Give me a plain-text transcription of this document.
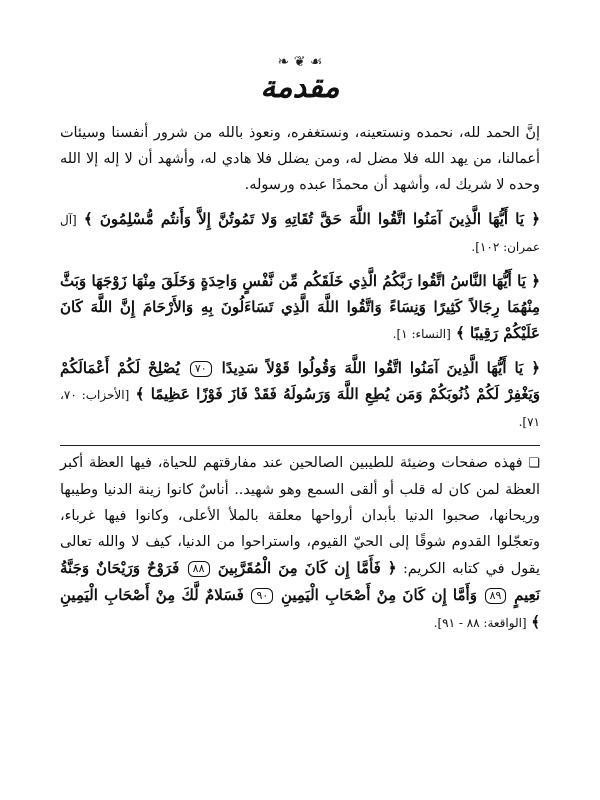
❧ ❦ ☙
مقدمة

إنَّ الحمد لله، نحمده ونستعينه، ونستغفره، ونعوذ بالله من شرور أنفسنا وسيئات أعمالنا، من يهد الله فلا مضل له، ومن يضلل فلا هادي له، وأشهد أن لا إله إلا الله وحده لا شريك له، وأشهد أن محمدًا عبده ورسوله.

﴿ يَا أَيُّهَا الَّذِينَ آمَنُوا اتَّقُوا اللَّهَ حَقَّ تُقَاتِهِ وَلا تَمُوتُنَّ إِلاَّ وَأَنتُم مُّسْلِمُونَ ﴾ [آل عمران: ١٠٢].

﴿ يَا أَيُّهَا النَّاسُ اتَّقُوا رَبَّكُمُ الَّذِي خَلَقَكُم مِّن نَّفْسٍ وَاحِدَةٍ وَخَلَقَ مِنْهَا زَوْجَهَا وَبَثَّ مِنْهُمَا رِجَالاً كَثِيرًا وَنِسَاءً وَاتَّقُوا اللَّهَ الَّذِي تَسَاءَلُونَ بِهِ وَالأَرْحَامَ إِنَّ اللَّهَ كَانَ عَلَيْكُمْ رَقِيبًا ﴾ [النساء: ١].

﴿ يَا أَيُّهَا الَّذِينَ آمَنُوا اتَّقُوا اللَّهَ وَقُولُوا قَوْلاً سَدِيدًا ٧٠ يُصْلِحْ لَكُمْ أَعْمَالَكُمْ وَيَغْفِرْ لَكُمْ ذُنُوبَكُمْ وَمَن يُطِعِ اللَّهَ وَرَسُولَهُ فَقَدْ فَازَ فَوْزًا عَظِيمًا ﴾ [الأحزاب: ٧٠، ٧١].

❏ فهذه صفحات وضيئة للطيبين الصالحين عند مفارقتهم للحياة، فيها العظة أكبر العظة لمن كان له قلب أو ألقى السمع وهو شهيد.. أناسٌ كانوا زينة الدنيا وطيبها وريحانها، صحبوا الدنيا بأبدان أرواحها معلقة بالملأ الأعلى، وكانوا فيها غرباء، وتعجّلوا القدوم شوقًا إلى الحيّ القيوم، واستراحوا من الدنيا، كيف لا والله تعالى يقول في كتابه الكريم: ﴿ فَأَمَّا إِن كَانَ مِنَ الْمُقَرَّبِينَ ٨٨ فَرَوْحٌ وَرَيْحَانٌ وَجَنَّةُ نَعِيمٍ ٨٩ وَأَمَّا إِن كَانَ مِنْ أَصْحَابِ الْيَمِينِ ٩٠ فَسَلامٌ لَّكَ مِنْ أَصْحَابِ الْيَمِينِ ﴾ [الواقعة: ٨٨ - ٩١].
